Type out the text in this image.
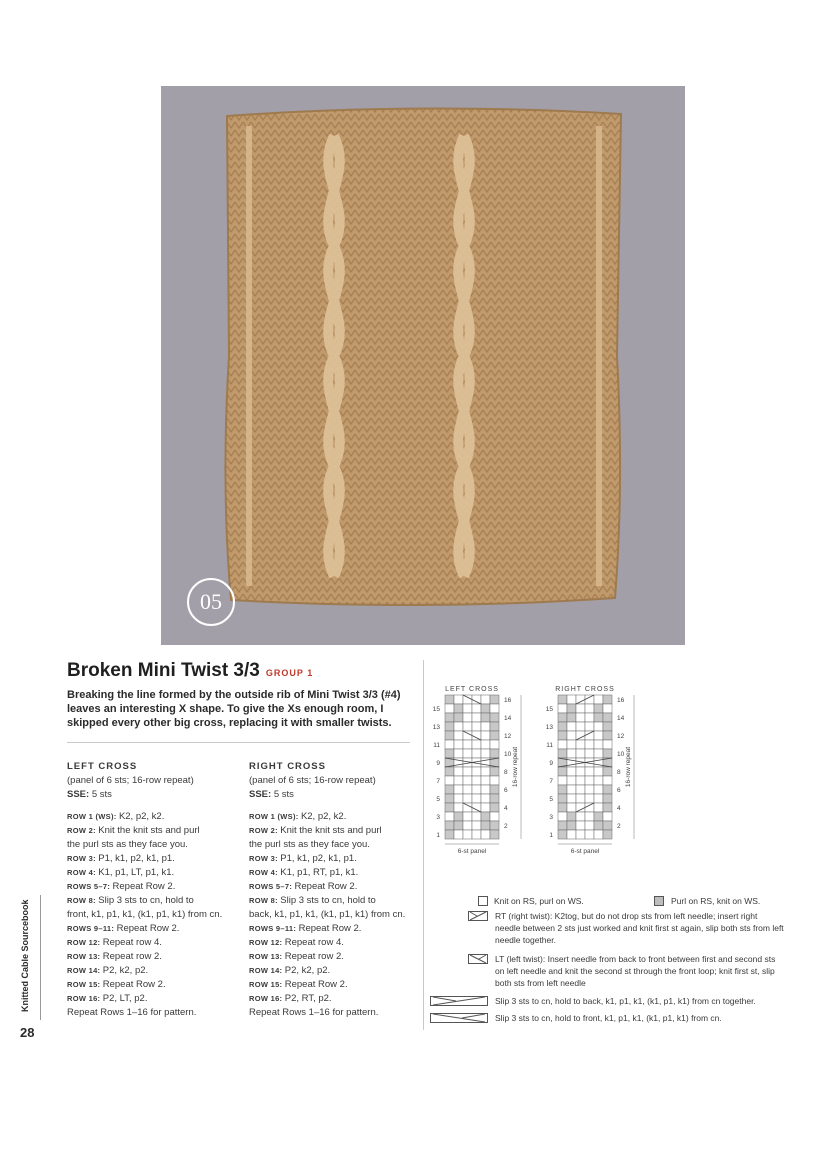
05
Broken Mini Twist 3/3 GROUP 1
Breaking the line formed by the outside rib of Mini Twist 3/3 (#4) leaves an interesting X shape. To give the Xs enough room, I skipped every other big cross, replacing it with smaller twists.
LEFT CROSS
(panel of 6 sts; 16-row repeat)
SSE: 5 sts
ROW 1 (WS): K2, p2, k2.
ROW 2: Knit the knit sts and purl
the purl sts as they face you.
ROW 3: P1, k1, p2, k1, p1.
ROW 4: K1, p1, LT, p1, k1.
ROWS 5–7: Repeat Row 2.
ROW 8: Slip 3 sts to cn, hold to
front, k1, p1, k1, (k1, p1, k1) from cn.
ROWS 9–11: Repeat Row 2.
ROW 12: Repeat row 4.
ROW 13: Repeat row 2.
ROW 14: P2, k2, p2.
ROW 15: Repeat Row 2.
ROW 16: P2, LT, p2.
Repeat Rows 1–16 for pattern.
RIGHT CROSS
(panel of 6 sts; 16-row repeat)
SSE: 5 sts
ROW 1 (WS): K2, p2, k2.
ROW 2: Knit the knit sts and purl
the purl sts as they face you.
ROW 3: P1, k1, p2, k1, p1.
ROW 4: K1, p1, RT, p1, k1.
ROWS 5–7: Repeat Row 2.
ROW 8: Slip 3 sts to cn, hold to
back, k1, p1, k1, (k1, p1, k1) from cn.
ROWS 9–11: Repeat Row 2.
ROW 12: Repeat row 4.
ROW 13: Repeat row 2.
ROW 14: P2, k2, p2.
ROW 15: Repeat Row 2.
ROW 16: P2, RT, p2.
Repeat Rows 1–16 for pattern.
LEFT CROSS
16
14
12
10
8
6
4
2
15
13
11
9
7
5
3
1
16-row repeat
6-st panel
RIGHT CROSS
16
14
12
10
8
6
4
2
15
13
11
9
7
5
3
1
16-row repeat
6-st panel
Knit on RS, purl on WS.	Purl on RS, knit on WS.
RT (right twist): K2tog, but do not drop sts from left needle; insert right needle between 2 sts just worked and knit first st again, slip both sts from left needle together.
LT (left twist): Insert needle from back to front between first and second sts on left needle and knit the second st through the front loop; knit first st, slip both sts from left needle
Slip 3 sts to cn, hold to back, k1, p1, k1, (k1, p1, k1) from cn together.
Slip 3 sts to cn, hold to front, k1, p1, k1, (k1, p1, k1) from cn.
Knitted Cable Sourcebook
28
